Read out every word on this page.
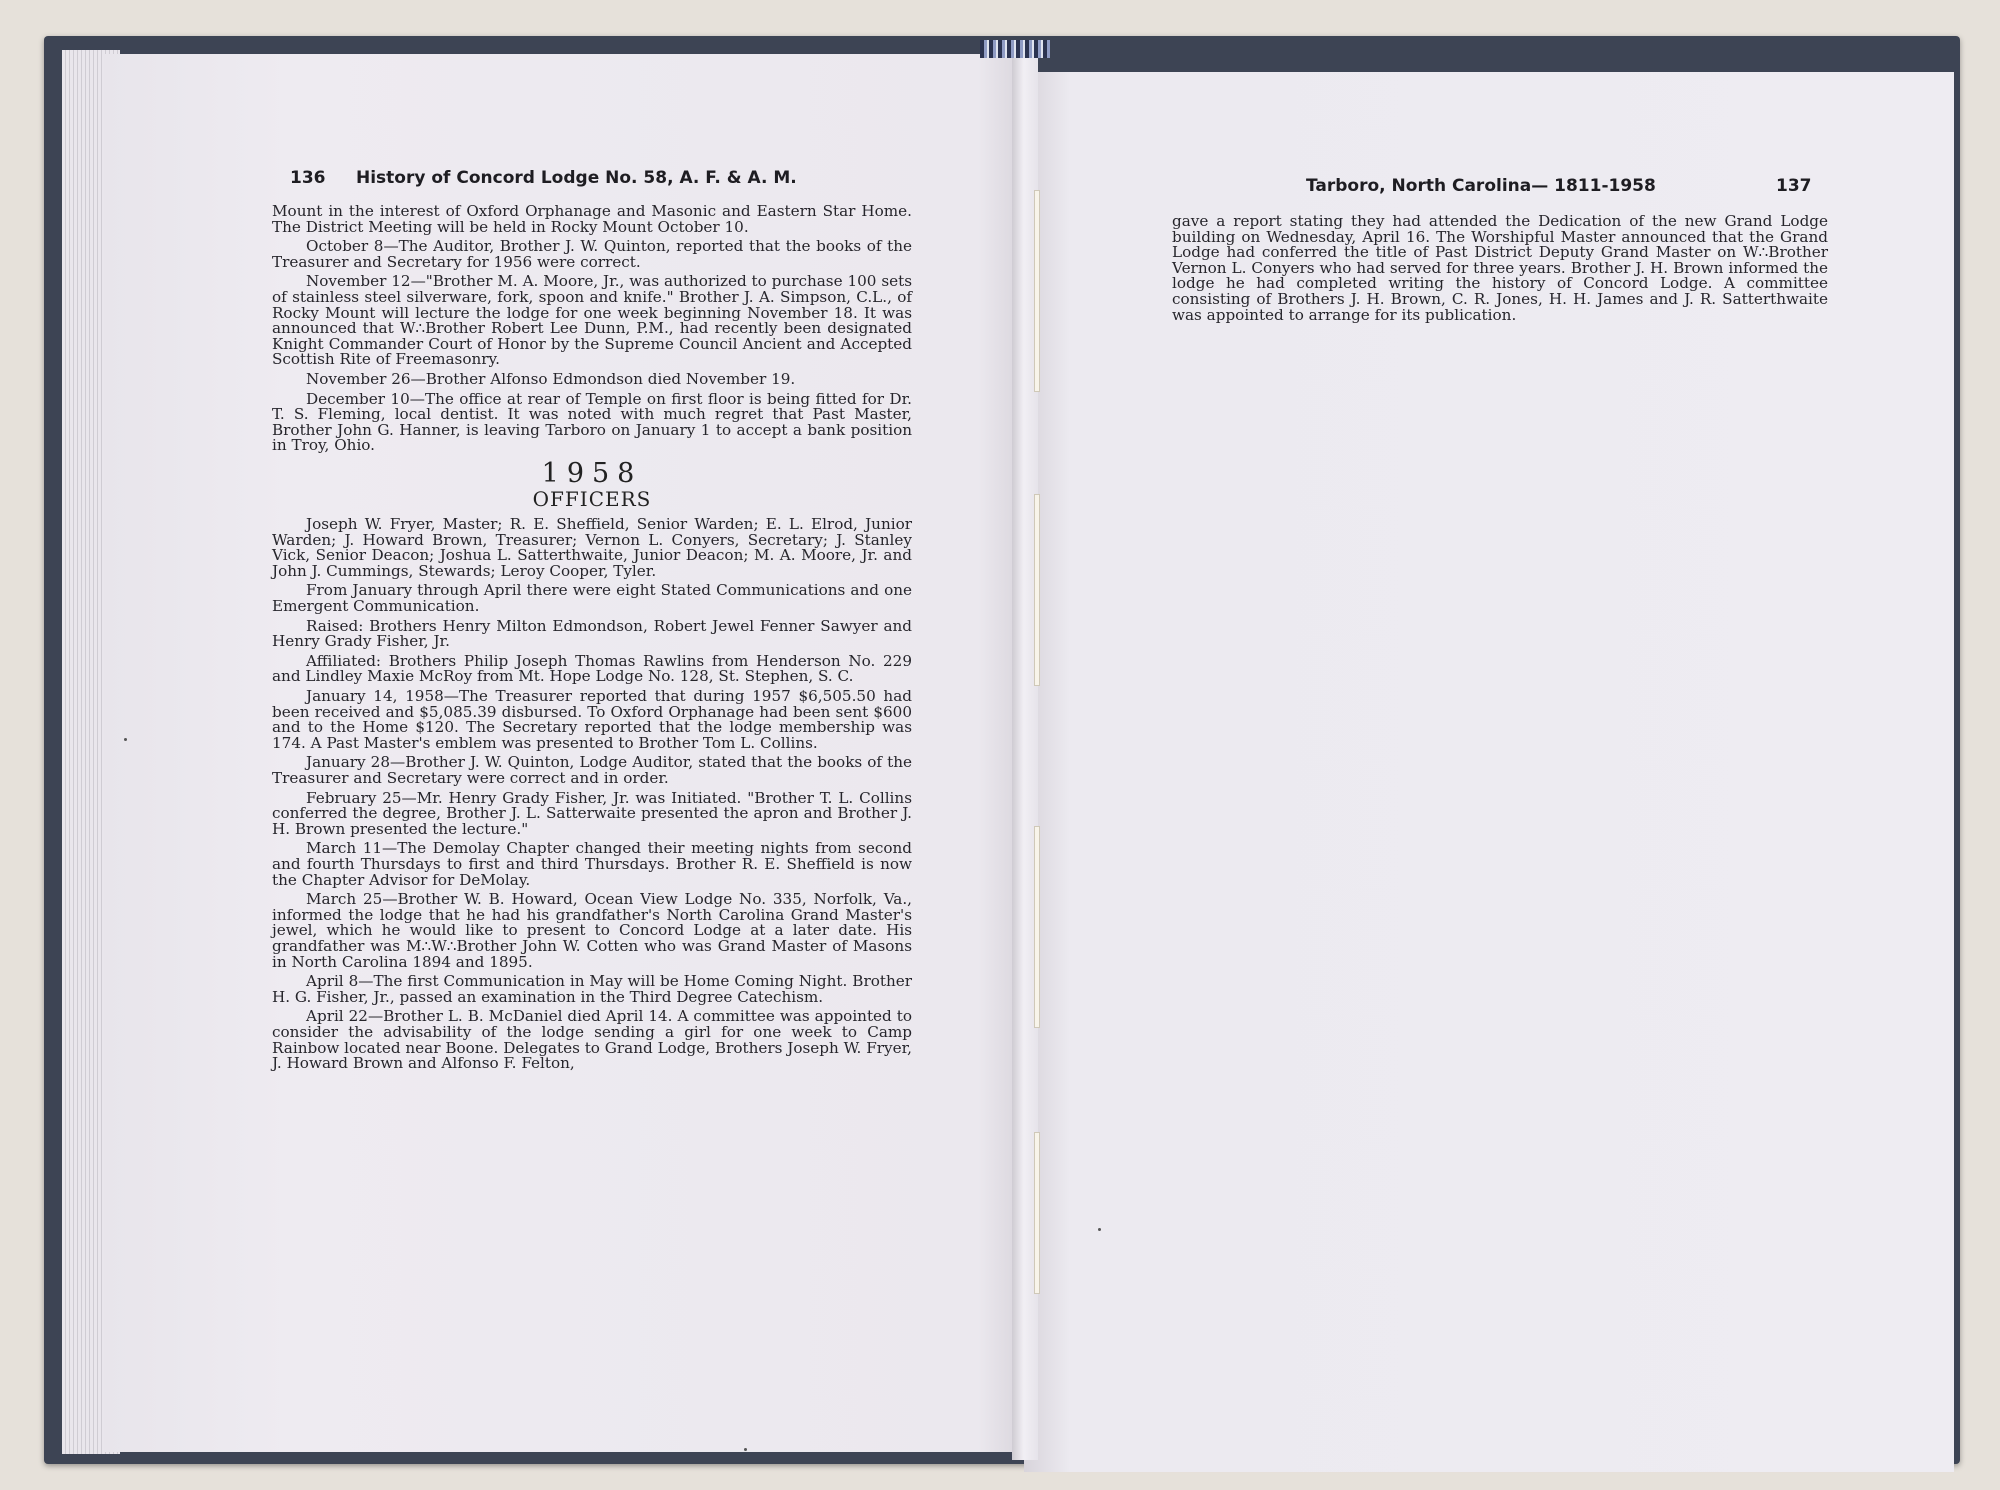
136 History of Concord Lodge No. 58, A. F. & A. M.

Mount in the interest of Oxford Orphanage and Masonic and Eastern Star Home. The District Meeting will be held in Rocky Mount October 10.

October 8—The Auditor, Brother J. W. Quinton, reported that the books of the Treasurer and Secretary for 1956 were correct.

November 12—"Brother M. A. Moore, Jr., was authorized to purchase 100 sets of stainless steel silverware, fork, spoon and knife." Brother J. A. Simpson, C.L., of Rocky Mount will lecture the lodge for one week beginning November 18. It was announced that W∴Brother Robert Lee Dunn, P.M., had recently been designated Knight Commander Court of Honor by the Supreme Council Ancient and Accepted Scottish Rite of Freemasonry.

November 26—Brother Alfonso Edmondson died November 19.

December 10—The office at rear of Temple on first floor is being fitted for Dr. T. S. Fleming, local dentist. It was noted with much regret that Past Master, Brother John G. Hanner, is leaving Tarboro on January 1 to accept a bank position in Troy, Ohio.

1958
OFFICERS

Joseph W. Fryer, Master; R. E. Sheffield, Senior Warden; E. L. Elrod, Junior Warden; J. Howard Brown, Treasurer; Vernon L. Conyers, Secretary; J. Stanley Vick, Senior Deacon; Joshua L. Satterthwaite, Junior Deacon; M. A. Moore, Jr. and John J. Cummings, Stewards; Leroy Cooper, Tyler.

From January through April there were eight Stated Communications and one Emergent Communication.

Raised: Brothers Henry Milton Edmondson, Robert Jewel Fenner Sawyer and Henry Grady Fisher, Jr.

Affiliated: Brothers Philip Joseph Thomas Rawlins from Henderson No. 229 and Lindley Maxie McRoy from Mt. Hope Lodge No. 128, St. Stephen, S. C.

January 14, 1958—The Treasurer reported that during 1957 $6,505.50 had been received and $5,085.39 disbursed. To Oxford Orphanage had been sent $600 and to the Home $120. The Secretary reported that the lodge membership was 174. A Past Master's emblem was presented to Brother Tom L. Collins.

January 28—Brother J. W. Quinton, Lodge Auditor, stated that the books of the Treasurer and Secretary were correct and in order.

February 25—Mr. Henry Grady Fisher, Jr. was Initiated. "Brother T. L. Collins conferred the degree, Brother J. L. Satterwaite presented the apron and Brother J. H. Brown presented the lecture."

March 11—The Demolay Chapter changed their meeting nights from second and fourth Thursdays to first and third Thursdays. Brother R. E. Sheffield is now the Chapter Advisor for DeMolay.

March 25—Brother W. B. Howard, Ocean View Lodge No. 335, Norfolk, Va., informed the lodge that he had his grandfather's North Carolina Grand Master's jewel, which he would like to present to Concord Lodge at a later date. His grandfather was M∴W∴Brother John W. Cotten who was Grand Master of Masons in North Carolina 1894 and 1895.

April 8—The first Communication in May will be Home Coming Night. Brother H. G. Fisher, Jr., passed an examination in the Third Degree Catechism.

April 22—Brother L. B. McDaniel died April 14. A committee was appointed to consider the advisability of the lodge sending a girl for one week to Camp Rainbow located near Boone. Delegates to Grand Lodge, Brothers Joseph W. Fryer, J. Howard Brown and Alfonso F. Felton,

Tarboro, North Carolina— 1811-1958	137

gave a report stating they had attended the Dedication of the new Grand Lodge building on Wednesday, April 16. The Worshipful Master announced that the Grand Lodge had conferred the title of Past District Deputy Grand Master on W∴Brother Vernon L. Conyers who had served for three years. Brother J. H. Brown informed the lodge he had completed writing the history of Concord Lodge. A committee consisting of Brothers J. H. Brown, C. R. Jones, H. H. James and J. R. Satterthwaite was appointed to arrange for its publication.
